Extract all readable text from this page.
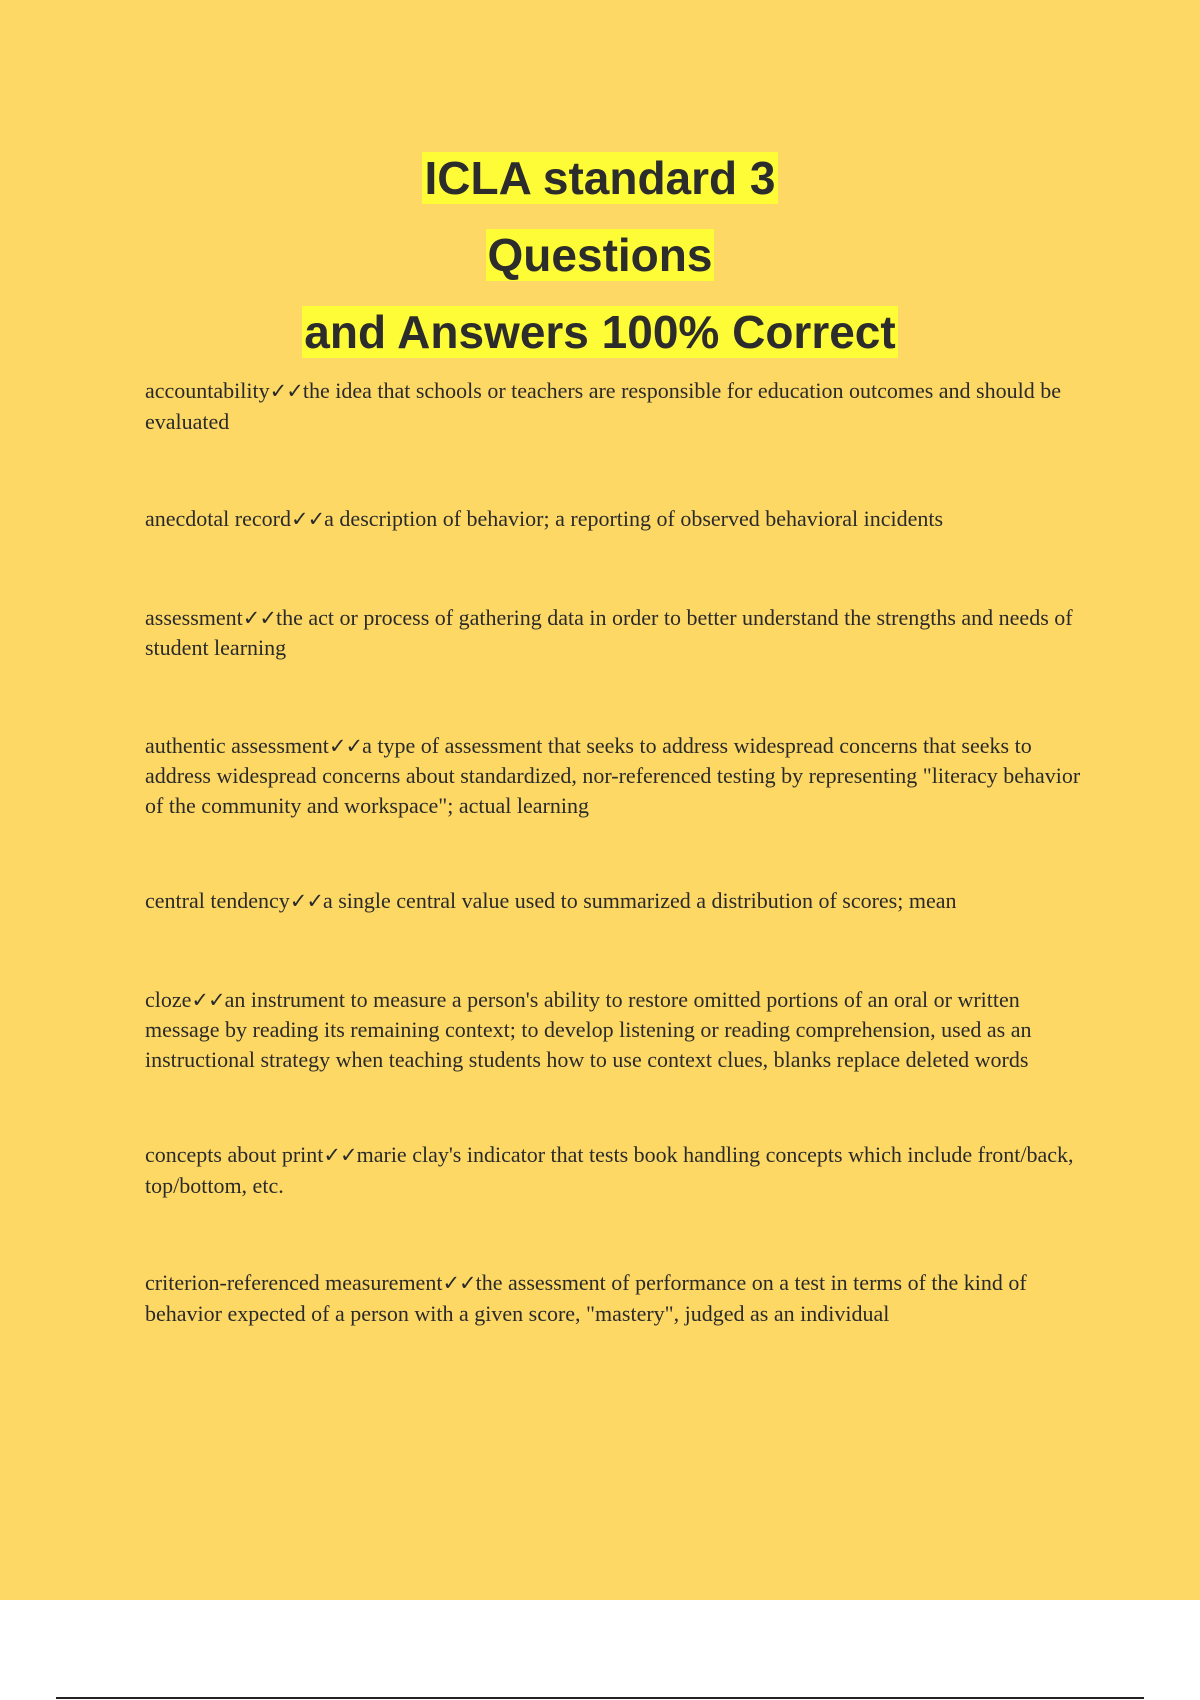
ICLA standard 3
Questions
and Answers 100% Correct
accountability✓✓the idea that schools or teachers are responsible for education outcomes and should be evaluated
anecdotal record✓✓a description of behavior; a reporting of observed behavioral incidents
assessment✓✓the act or process of gathering data in order to better understand the strengths and needs of student learning
authentic assessment✓✓a type of assessment that seeks to address widespread concerns that seeks to address widespread concerns about standardized, nor-referenced testing by representing "literacy behavior of the community and workspace"; actual learning
central tendency✓✓a single central value used to summarized a distribution of scores; mean
cloze✓✓an instrument to measure a person's ability to restore omitted portions of an oral or written message by reading its remaining context; to develop listening or reading comprehension, used as an instructional strategy when teaching students how to use context clues, blanks replace deleted words
concepts about print✓✓marie clay's indicator that tests book handling concepts which include front/back, top/bottom, etc.
criterion-referenced measurement✓✓the assessment of performance on a test in terms of the kind of behavior expected of a person with a given score, "mastery", judged as an individual
